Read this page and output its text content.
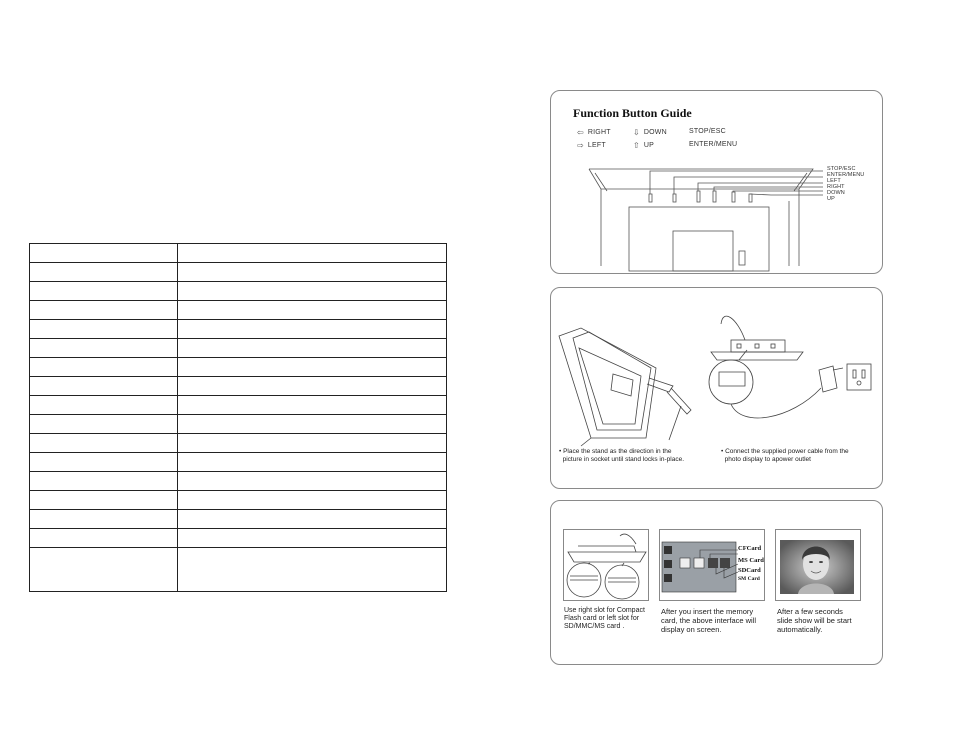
Function Button Guide
⇦ RIGHT
⇨ LEFT
⇩ DOWN
⇧ UP
STOP/ESC
ENTER/MENU
STOP/ESC
ENTER/MENU
LEFT
RIGHT
DOWN
UP
• Place the stand as the direction in the
picture in socket until stand locks in-place.
• Connect the supplied power cable from the
photo display to apower outlet
CFCard
MS Card
SDCard
SM Card
Use right slot for Compact
Flash card or left slot for
SD/MMC/MS card .
After you insert the memory
card, the above interface will
display on screen.
After a few seconds
slide show will be start
automatically.
